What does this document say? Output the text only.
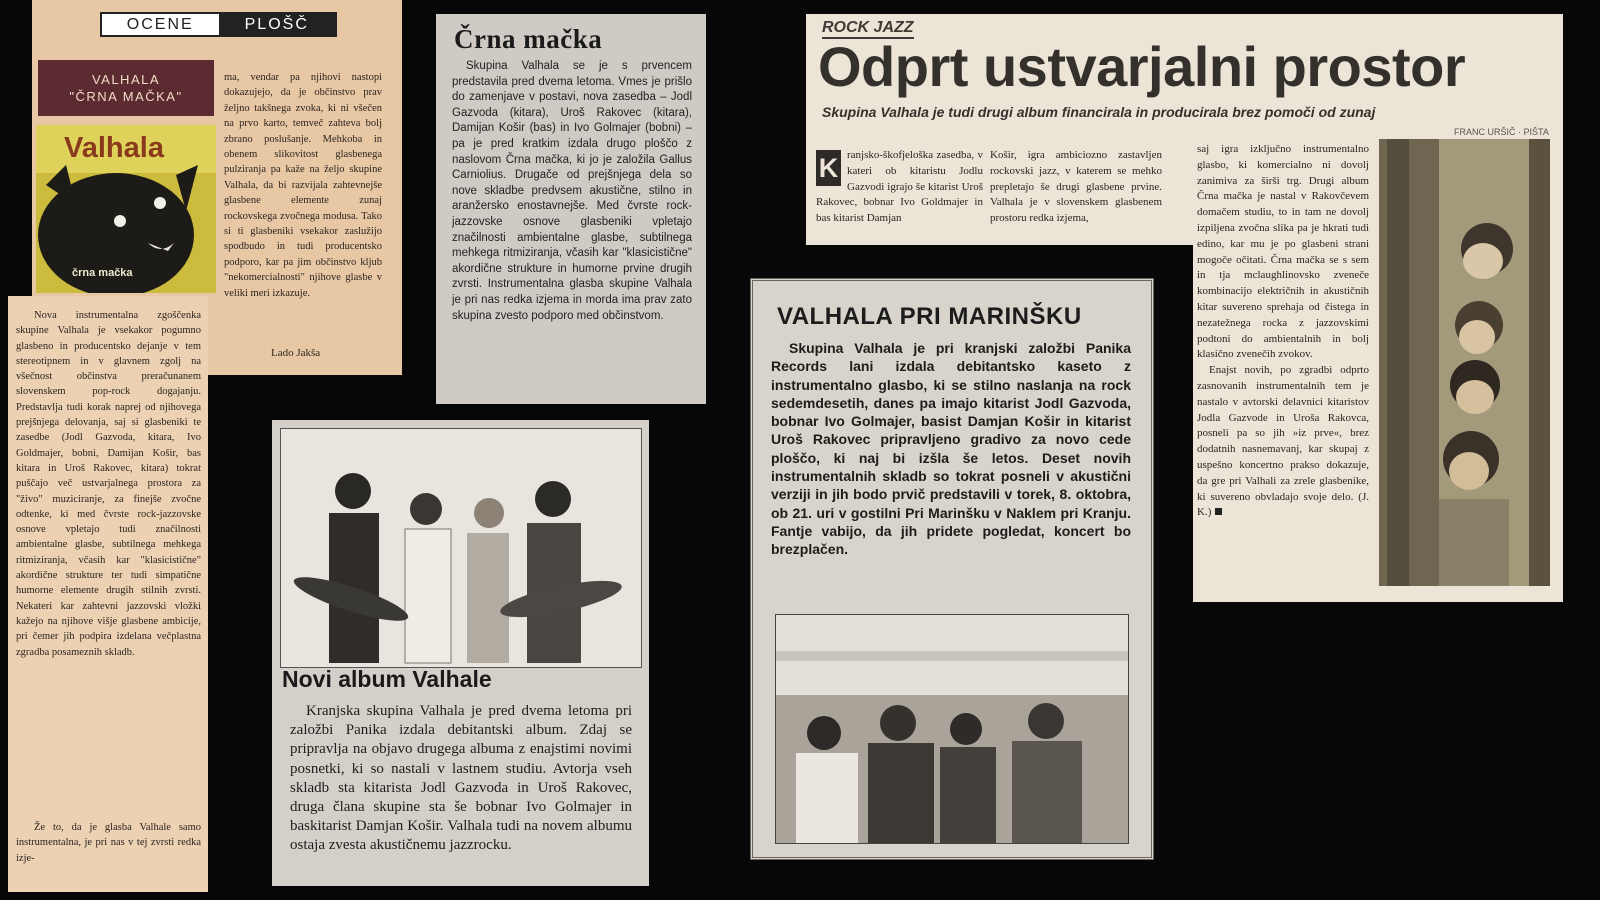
OCENE	PLOŠČ
VALHALA
"ČRNA MAČKA"
Valhala
črna mačka

ma, vendar pa njihovi nastopi dokazujejo, da je občinstvo prav željno takšnega zvoka, ki ni všečen na prvo karto, temveč zahteva bolj zbrano poslušanje. Mehkoba in obenem slikovitost glasbenega pulziranja pa kaže na željo skupine Valhala, da bi razvijala zahtevnejše glasbene elemente zunaj rockovskega zvočnega modusa. Tako si ti glasbeniki vsekakor zaslužijo spodbudo in tudi producentsko podporo, kar pa jim občinstvo kljub "nekomercialnosti" njihove glasbe v veliki meri izkazuje.

Lado Jakša

Nova instrumentalna zgoščenka skupine Valhala je vsekakor pogumno glasbeno in producentsko dejanje v tem stereotipnem in v glavnem zgolj na všečnost občinstva preračunanem slovenskem pop-rock dogajanju. Predstavlja tudi korak naprej od njihovega prejšnjega delovanja, saj si glasbeniki te zasedbe (Jodl Gazvoda, kitara, Ivo Goldmajer, bobni, Damijan Košir, bas kitara in Uroš Rakovec, kitara) tokrat puščajo več ustvarjalnega prostora za "živo" muziciranje, za finejše zvočne odtenke, ki med čvrste rock-jazzovske osnove vpletajo tudi značilnosti ambientalne glasbe, subtilnega mehkega ritmiziranja, včasih kar "klasicistične" akordične strukture ter tudi simpatične humorne elemente drugih stilnih zvrsti. Nekateri kar zahtevni jazzovski vložki kažejo na njihove višje glasbene ambicije, pri čemer jih podpira izdelana večplastna zgradba posameznih skladb.

Že to, da je glasba Valhale samo instrumentalna, je pri nas v tej zvrsti redka izje-

Črna mačka

Skupina Valhala se je s prvencem predstavila pred dvema letoma. Vmes je prišlo do zamenjave v postavi, nova zasedba – Jodl Gazvoda (kitara), Uroš Rakovec (kitara), Damijan Košir (bas) in Ivo Golmajer (bobni) – pa je pred kratkim izdala drugo ploščo z naslovom Črna mačka, ki jo je založila Gallus Carniolius. Drugače od prejšnjega dela so nove skladbe predvsem akustične, stilno in aranžersko enostavnejše. Med čvrste rock-jazzovske osnove glasbeniki vpletajo značilnosti ambientalne glasbe, subtilnega mehkega ritmiziranja, včasih kar "klasicistične" akordične strukture in humorne prvine drugih zvrsti. Instrumentalna glasba skupine Valhala je pri nas redka izjema in morda ima prav zato skupina zvesto podporo med občinstvom.

Novi album Valhale

Kranjska skupina Valhala je pred dvema letoma pri založbi Panika izdala debitantski album. Zdaj se pripravlja na objavo drugega albuma z enajstimi novimi posnetki, ki so nastali v lastnem studiu. Avtorja vseh skladb sta kitarista Jodl Gazvoda in Uroš Rakovec, druga člana skupine sta še bobnar Ivo Golmajer in baskitarist Damjan Košir. Valhala tudi na novem albumu ostaja zvesta akustičnemu jazzrocku.

VALHALA PRI MARINŠKU

Skupina Valhala je pri kranjski založbi Panika Records lani izdala debitantsko kaseto z instrumentalno glasbo, ki se stilno naslanja na rock sedemdesetih, danes pa imajo kitarist Jodl Gazvoda, bobnar Ivo Golmajer, basist Damjan Košir in kitarist Uroš Rakovec pripravljeno gradivo za novo cede ploščo, ki naj bi izšla še letos. Deset novih instrumentalnih skladb so tokrat posneli v akustični verziji in jih bodo prvič predstavili v torek, 8. oktobra, ob 21. uri v gostilni Pri Marinšku v Naklem pri Kranju. Fantje vabijo, da jih pridete pogledat, koncert bo brezplačen.

ROCK JAZZ
Odprt ustvarjalni prostor
Skupina Valhala je tudi drugi album financirala in producirala brez pomoči od zunaj
FRANC URŠIČ · PIŠTA
K ranjsko-škofjeloška zasedba, v kateri ob kitaristu Jodlu Gazvodi igrajo še kitarist Uroš Rakovec, bobnar Ivo Goldmajer in bas kitarist Damjan

Košir, igra ambiciozno zastavljen rockovski jazz, v katerem se mehko prepletajo še drugi glasbene prvine. Valhala je v slovenskem glasbenem prostoru redka izjema,

saj igra izključno instrumentalno glasbo, ki komercialno ni dovolj zanimiva za širši trg. Drugi album Črna mačka je nastal v Rakovčevem domačem studiu, to in tam ne dovolj izpiljena zvočna slika pa je hkrati tudi edino, kar mu je po glasbeni strani mogoče očitati. Črna mačka se s sem in tja mclaughlinovsko zveneče kombinacijo električnih in akustičnih kitar suvereno sprehaja od čistega in nezatežnega rocka z jazzovskimi podtoni do ambientalnih in bolj klasično zvenečih zvokov.

Enajst novih, po zgradbi odprto zasnovanih instrumentalnih tem je nastalo v avtorski delavnici kitaristov Jodla Gazvode in Uroša Rakovca, posneli pa so jih »iz prve«, brez dodatnih nasnemavanj, kar skupaj z uspešno koncertno prakso dokazuje, da gre pri Valhali za zrele glasbenike, ki suvereno obvladajo svoje delo. (J. K.)
